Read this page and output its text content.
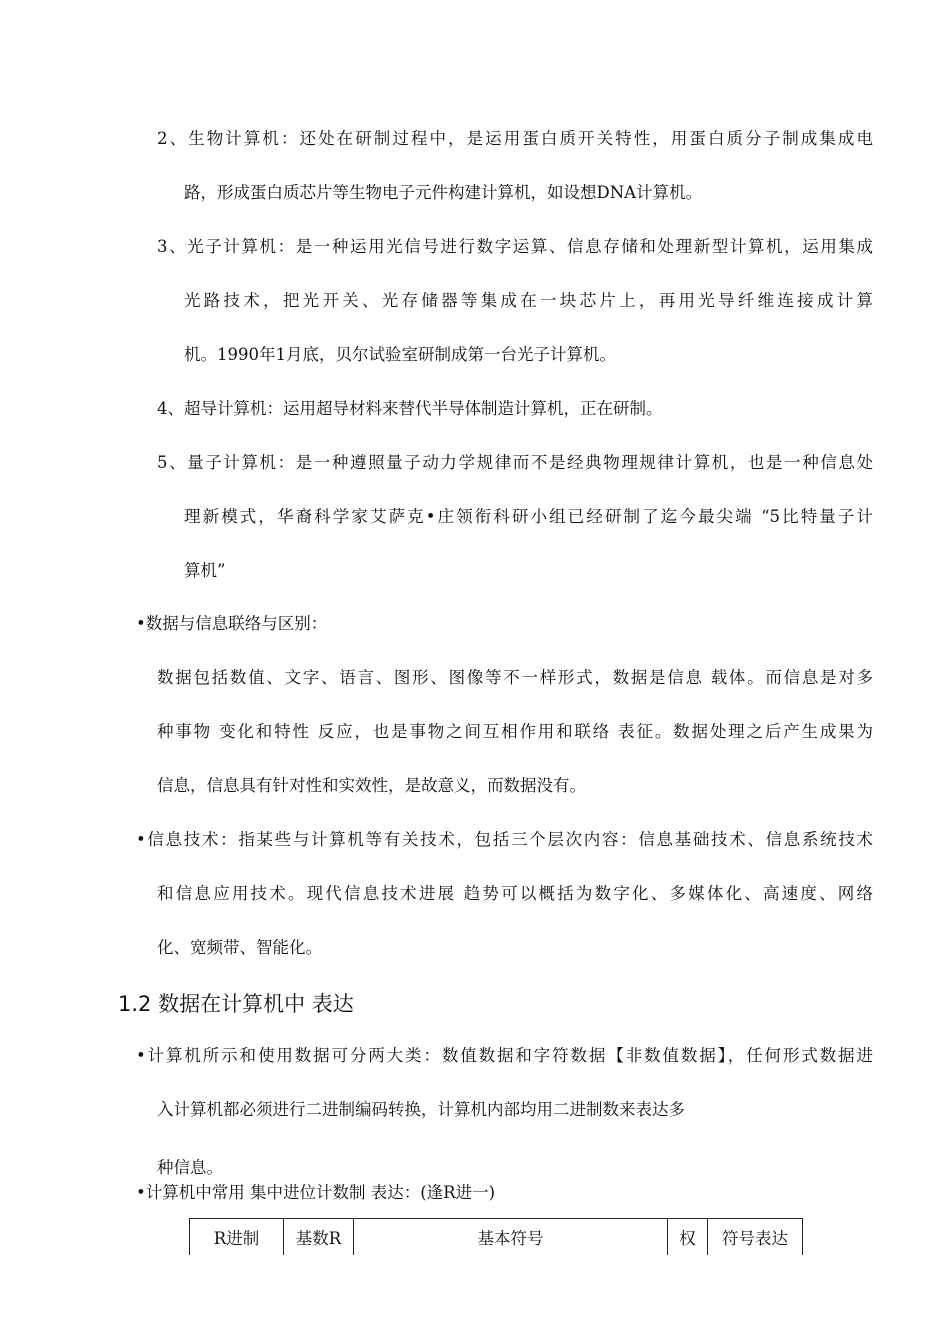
2、生物计算机：还处在研制过程中，是运用蛋白质开关特性，用蛋白质分子制成集成电
路，形成蛋白质芯片等生物电子元件构建计算机，如设想DNA计算机。
3、光子计算机：是一种运用光信号进行数字运算、信息存储和处理新型计算机，运用集成
光路技术，把光开关、光存储器等集成在一块芯片上，再用光导纤维连接成计算
机。1990年1月底，贝尔试验室研制成第一台光子计算机。
4、超导计算机：运用超导材料来替代半导体制造计算机，正在研制。
5、量子计算机：是一种遵照量子动力学规律而不是经典物理规律计算机，也是一种信息处
理新模式，华裔科学家艾萨克•庄领衔科研小组已经研制了迄今最尖端 “5比特量子计
算机”
•数据与信息联络与区别：
数据包括数值、文字、语言、图形、图像等不一样形式，数据是信息 载体。而信息是对多
种事物 变化和特性 反应，也是事物之间互相作用和联络 表征。数据处理之后产生成果为
信息，信息具有针对性和实效性，是故意义，而数据没有。
•信息技术：指某些与计算机等有关技术，包括三个层次内容：信息基础技术、信息系统技术
和信息应用技术。现代信息技术进展 趋势可以概括为数字化、多媒体化、高速度、网络
化、宽频带、智能化。
1.2 数据在计算机中 表达
•计算机所示和使用数据可分两大类：数值数据和字符数据【非数值数据】，任何形式数据进
入计算机都必须进行二进制编码转换，计算机内部均用二进制数来表达多
种信息。
•计算机中常用 集中进位计数制 表达：(逢R进一)
R进制	基数R	基本符号	权	符号表达
